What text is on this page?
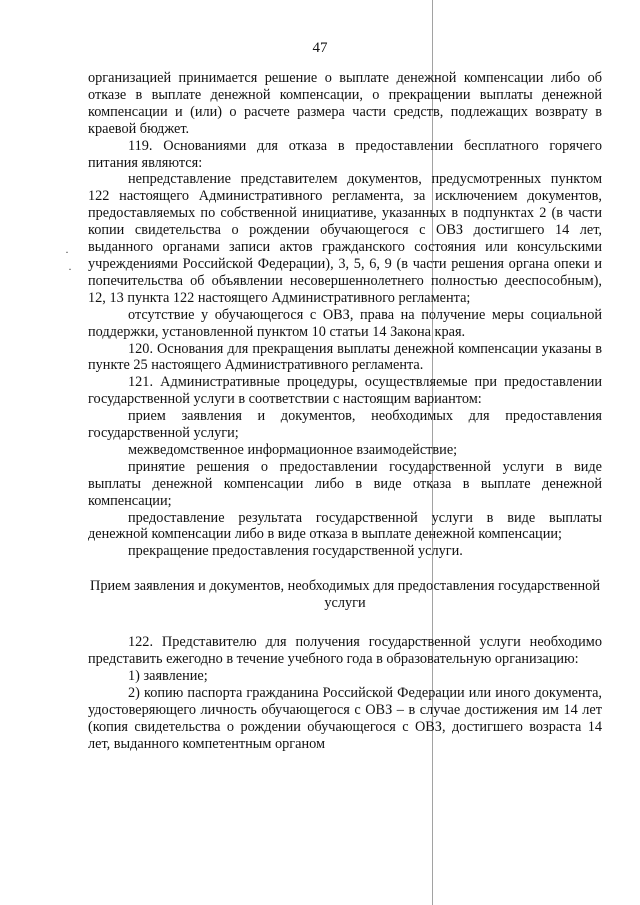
·
·
47

организацией принимается решение о выплате денежной компенсации либо об отказе в выплате денежной компенсации, о прекращении выплаты денежной компенсации и (или) о расчете размера части средств, подлежащих возврату в краевой бюджет.

119. Основаниями для отказа в предоставлении бесплатного горячего питания являются:

непредставление представителем документов, предусмотренных пунктом 122 настоящего Административного регламента, за исключением документов, предоставляемых по собственной инициативе, указанных в подпунктах 2 (в части копии свидетельства о рождении обучающегося с ОВЗ достигшего 14 лет, выданного органами записи актов гражданского состояния или консульскими учреждениями Российской Федерации), 3, 5, 6, 9 (в части решения органа опеки и попечительства об объявлении несовершеннолетнего полностью дееспособным), 12, 13 пункта 122 настоящего Административного регламента;

отсутствие у обучающегося с ОВЗ, права на получение меры социальной поддержки, установленной пунктом 10 статьи 14 Закона края.

120. Основания для прекращения выплаты денежной компенсации указаны в пункте 25 настоящего Административного регламента.

121. Административные процедуры, осуществляемые при предоставлении государственной услуги в соответствии с настоящим вариантом:

прием заявления и документов, необходимых для предоставления государственной услуги;

межведомственное информационное взаимодействие;

принятие решения о предоставлении государственной услуги в виде выплаты денежной компенсации либо в виде отказа в выплате денежной компенсации;

предоставление результата государственной услуги в виде выплаты денежной компенсации либо в виде отказа в выплате денежной компенсации;

прекращение предоставления государственной услуги.

Прием заявления и документов, необходимых для предоставления государственной услуги

122. Представителю для получения государственной услуги необходимо представить ежегодно в течение учебного года в образовательную организацию:

1) заявление;

2) копию паспорта гражданина Российской Федерации или иного документа, удостоверяющего личность обучающегося с ОВЗ – в случае достижения им 14 лет (копия свидетельства о рождении обучающегося с ОВЗ, достигшего возраста 14 лет, выданного компетентным органом
